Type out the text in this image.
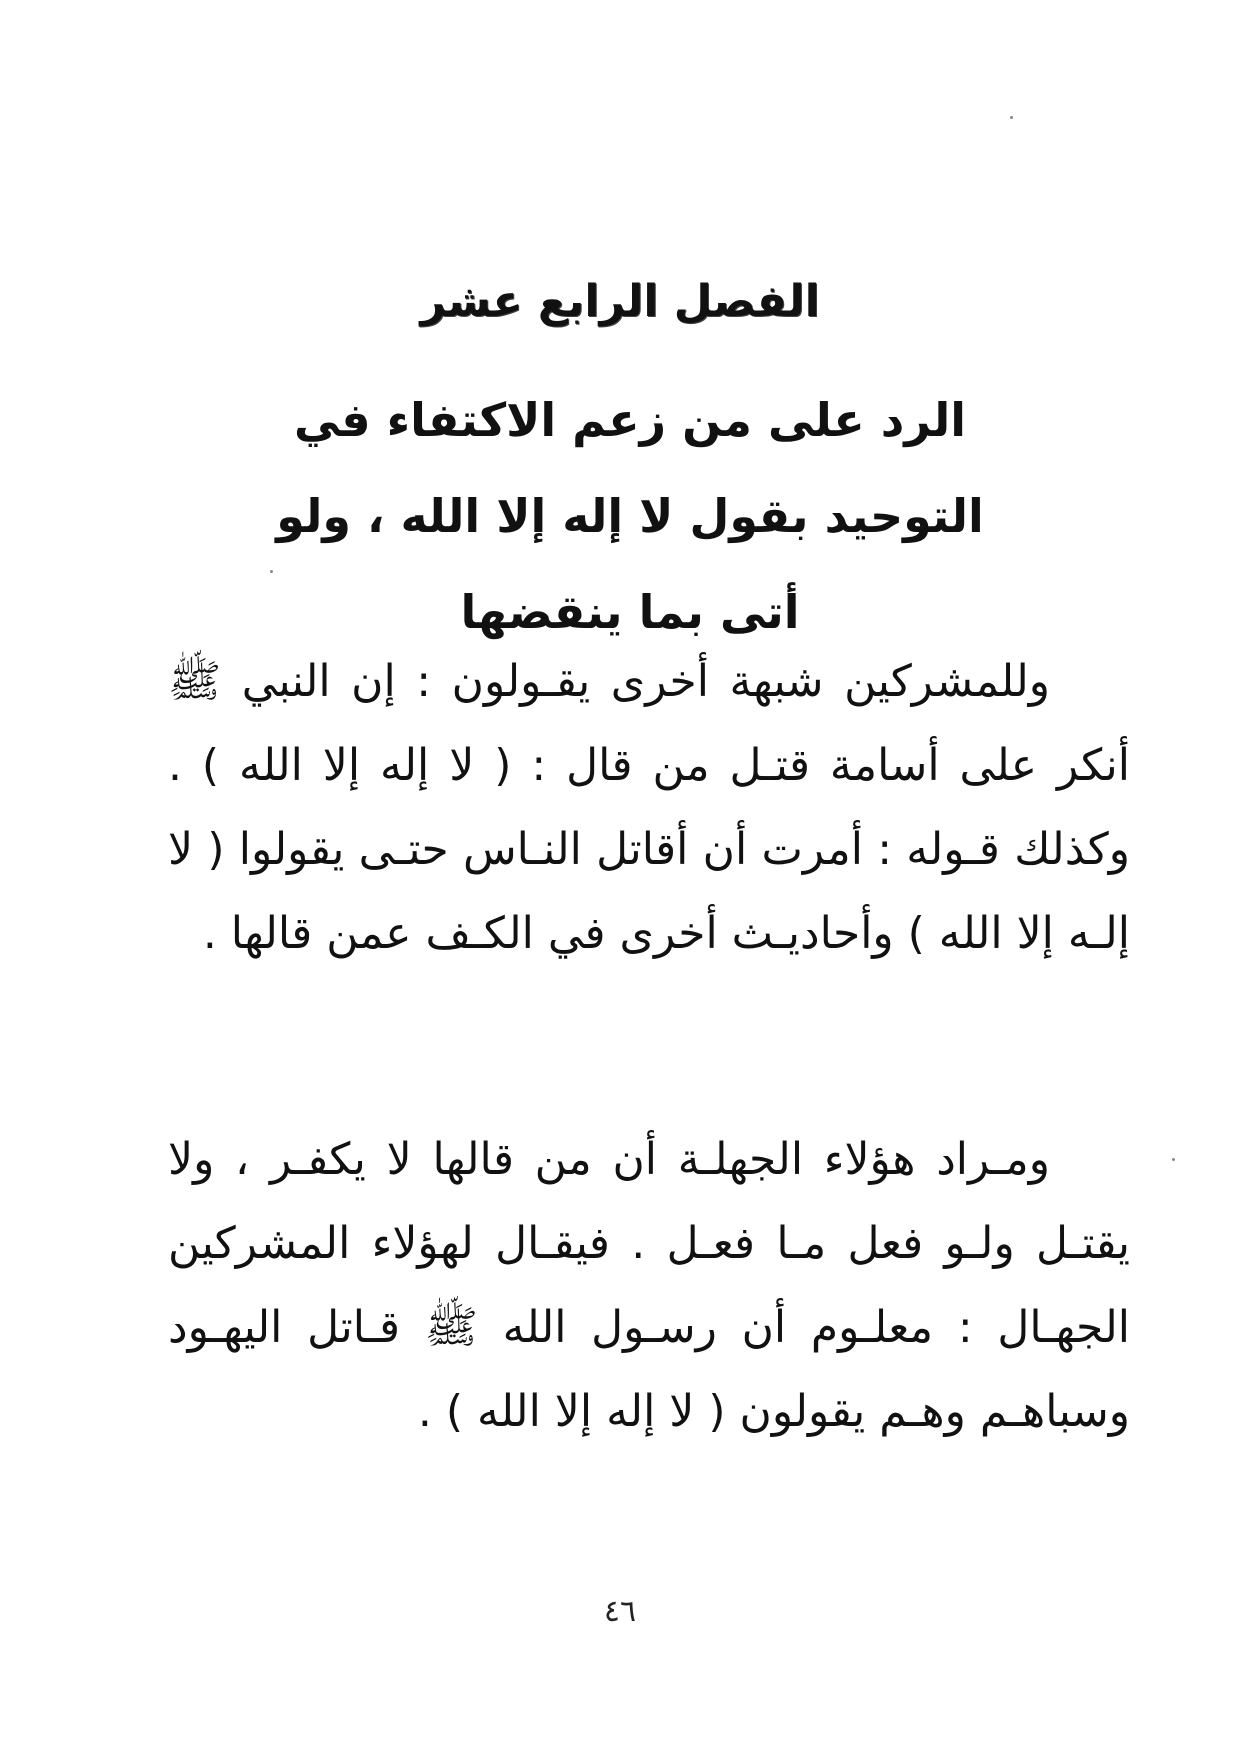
الفصل الرابع عشر
الرد على من زعم الاكتفاء في التوحيد بقول لا إله إلا الله ، ولو أتى بما ينقضها

وللمشركين شبهة أخرى يقـولون : إن النبي ﷺ أنكر على أسامة قتـل من قال : ( لا إله إلا الله ) . وكذلك قـوله : أمرت أن أقاتل النـاس حتـى يقولوا ( لا إلـه إلا الله ) وأحاديـث أخرى في الكـف عمن قالها .

ومـراد هؤلاء الجهلـة أن من قالها لا يكفـر ، ولا يقتـل ولـو فعل مـا فعـل . فيقـال لهؤلاء المشركين الجهـال : معلـوم أن رسـول الله ﷺ قـاتل اليهـود وسباهـم وهـم يقولون ( لا إله إلا الله ) .

٤٦
